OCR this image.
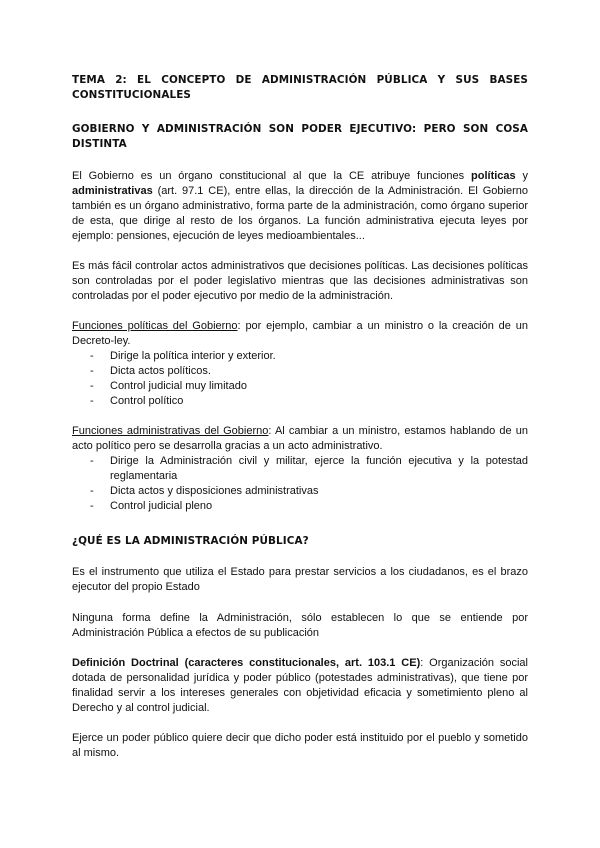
TEMA 2: EL CONCEPTO DE ADMINISTRACIÓN PÚBLICA Y SUS BASES CONSTITUCIONALES
GOBIERNO Y ADMINISTRACIÓN SON PODER EJECUTIVO: PERO SON COSA DISTINTA

El Gobierno es un órgano constitucional al que la CE atribuye funciones políticas y administrativas (art. 97.1 CE), entre ellas, la dirección de la Administración. El Gobierno también es un órgano administrativo, forma parte de la administración, como órgano superior de esta, que dirige al resto de los órganos. La función administrativa ejecuta leyes por ejemplo: pensiones, ejecución de leyes medioambientales...

Es más fácil controlar actos administrativos que decisiones políticas. Las decisiones políticas son controladas por el poder legislativo mientras que las decisiones administrativas son controladas por el poder ejecutivo por medio de la administración.

Funciones políticas del Gobierno: por ejemplo, cambiar a un ministro o la creación de un Decreto-ley.

- Dirige la política interior y exterior.
- Dicta actos políticos.
- Control judicial muy limitado
- Control político

Funciones administrativas del Gobierno: Al cambiar a un ministro, estamos hablando de un acto político pero se desarrolla gracias a un acto administrativo.

- Dirige la Administración civil y militar, ejerce la función ejecutiva y la potestad reglamentaria
- Dicta actos y disposiciones administrativas
- Control judicial pleno
¿QUÉ ES LA ADMINISTRACIÓN PÚBLICA?

Es el instrumento que utiliza el Estado para prestar servicios a los ciudadanos, es el brazo ejecutor del propio Estado

Ninguna forma define la Administración, sólo establecen lo que se entiende por Administración Pública a efectos de su publicación

Definición Doctrinal (caracteres constitucionales, art. 103.1 CE): Organización social dotada de personalidad jurídica y poder público (potestades administrativas), que tiene por finalidad servir a los intereses generales con objetividad eficacia y sometimiento pleno al Derecho y al control judicial.

Ejerce un poder público quiere decir que dicho poder está instituido por el pueblo y sometido al mismo.
